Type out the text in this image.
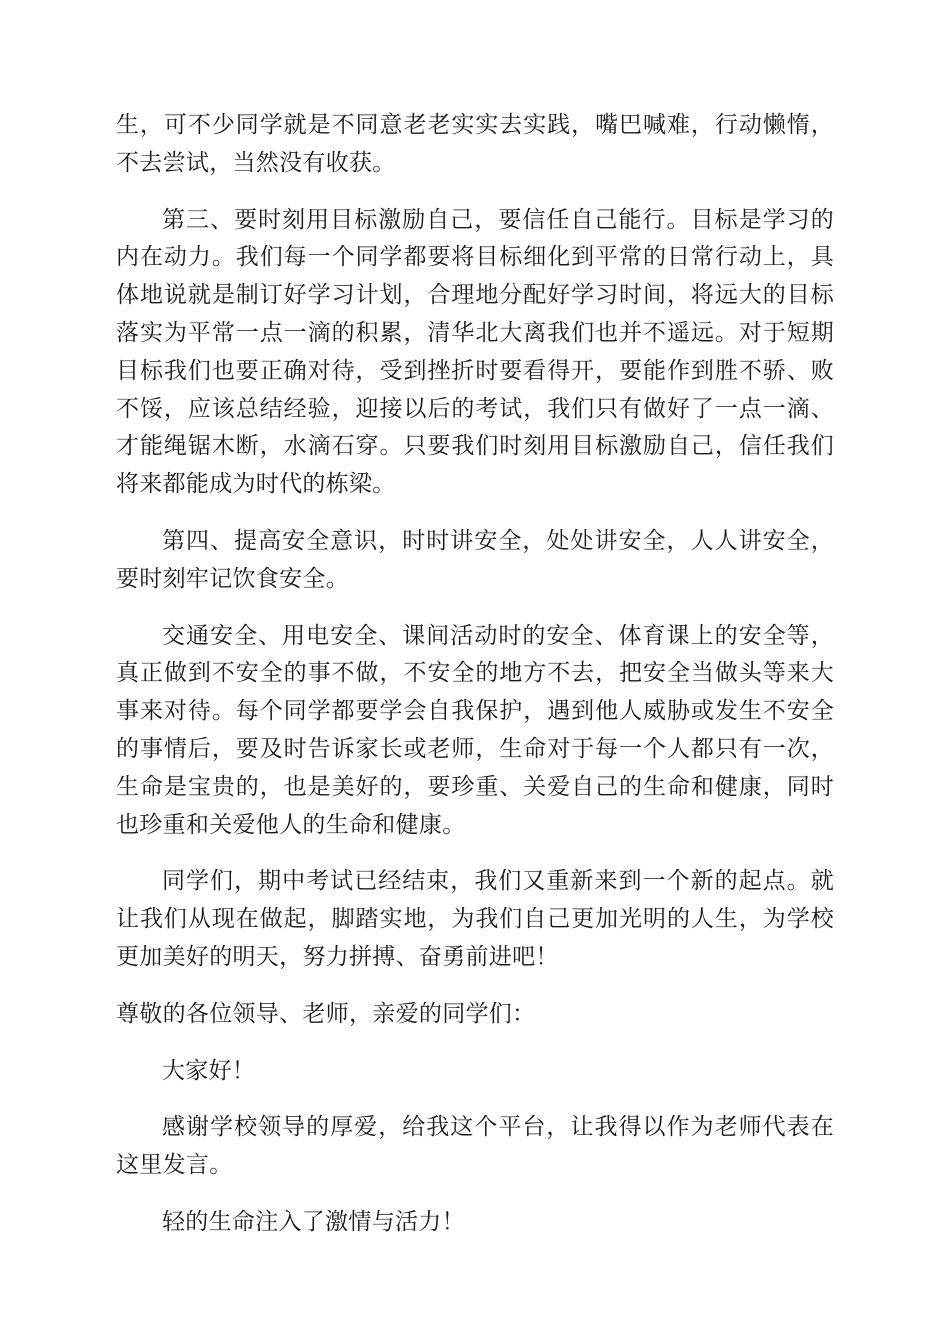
生，可不少同学就是不同意老老实实去实践，嘴巴喊难，行动懒惰，不去尝试，当然没有收获。

第三、要时刻用目标激励自己，要信任自己能行。目标是学习的内在动力。我们每一个同学都要将目标细化到平常的日常行动上，具体地说就是制订好学习计划，合理地分配好学习时间，将远大的目标落实为平常一点一滴的积累，清华北大离我们也并不遥远。对于短期目标我们也要正确对待，受到挫折时要看得开，要能作到胜不骄、败不馁，应该总结经验，迎接以后的考试，我们只有做好了一点一滴、才能绳锯木断，水滴石穿。只要我们时刻用目标激励自己，信任我们将来都能成为时代的栋梁。

第四、提高安全意识，时时讲安全，处处讲安全，人人讲安全，要时刻牢记饮食安全。

交通安全、用电安全、课间活动时的安全、体育课上的安全等，真正做到不安全的事不做，不安全的地方不去，把安全当做头等来大事来对待。每个同学都要学会自我保护，遇到他人威胁或发生不安全的事情后，要及时告诉家长或老师，生命对于每一个人都只有一次，生命是宝贵的，也是美好的，要珍重、关爱自己的生命和健康，同时也珍重和关爱他人的生命和健康。

同学们，期中考试已经结束，我们又重新来到一个新的起点。就让我们从现在做起，脚踏实地，为我们自己更加光明的人生，为学校更加美好的明天，努力拼搏、奋勇前进吧！

尊敬的各位领导、老师，亲爱的同学们：

大家好！

感谢学校领导的厚爱，给我这个平台，让我得以作为老师代表在这里发言。

轻的生命注入了激情与活力！
